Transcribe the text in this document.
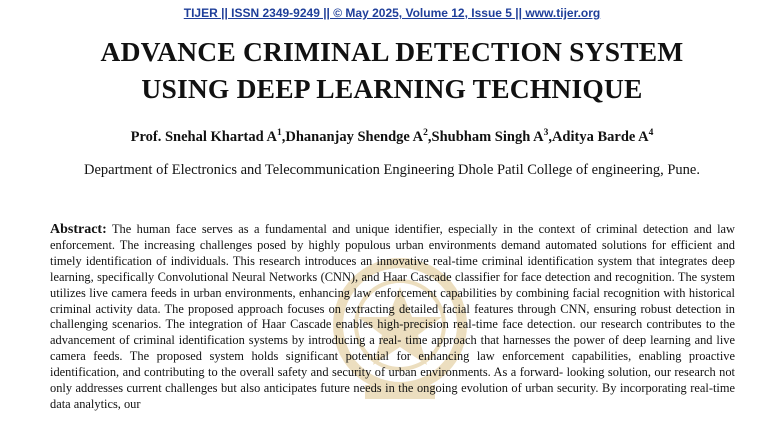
TIJER || ISSN 2349-9249 || © May 2025, Volume 12, Issue 5 || www.tijer.org
ADVANCE CRIMINAL DETECTION SYSTEM
USING DEEP LEARNING TECHNIQUE
Prof. Snehal Khartad $A^1,Dhananjay$ Shendge $A^2,Shubham$ Singh $A^3,Aditya$ Barde $A^4$
Department of Electronics and Telecommunication Engineering Dhole Patil College of engineering, Pune.

Abstract: The human face serves as a fundamental and unique identifier, especially in the context of criminal detection and law enforcement. The increasing challenges posed by highly populous urban environments demand automated solutions for efficient and timely identification of individuals. This research introduces an innovative real-time criminal identification system that integrates deep learning, specifically Convolutional Neural Networks (CNN), and Haar Cascade classifier for face detection and recognition. The system utilizes live camera feeds in urban environments, enhancing law enforcement capabilities by combining facial recognition with historical criminal activity data. The proposed approach focuses on extracting detailed facial features through CNN, ensuring robust detection in challenging scenarios. The integration of Haar Cascade enables high-precision real-time face detection. our research contributes to the advancement of criminal identification systems by introducing a real- time approach that harnesses the power of deep learning and live camera feeds. The proposed system holds significant potential for enhancing law enforcement capabilities, enabling proactive identification, and contributing to the overall safety and security of urban environments. As a forward- looking solution, our research not only addresses current challenges but also anticipates future needs in the ongoing evolution of urban security. By incorporating real-time data analytics, our
